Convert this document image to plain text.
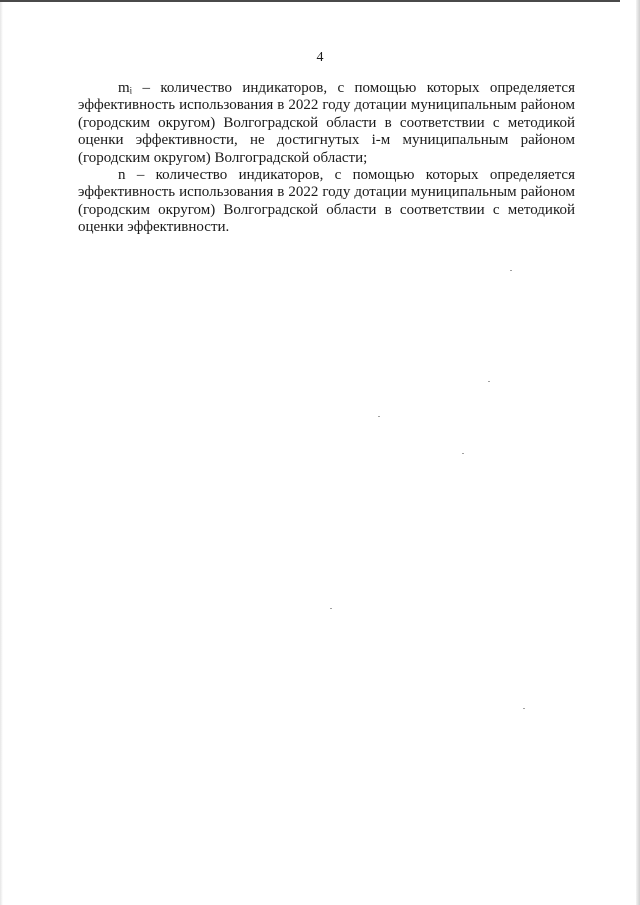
4

mᵢ – количество индикаторов, с помощью которых определяется эффективность использования в 2022 году дотации муниципальным районом (городским округом) Волгоградской области в соответствии с методикой оценки эффективности, не достигнутых i-м муниципальным районом (городским округом) Волгоградской области;

n – количество индикаторов, с помощью которых определяется эффективность использования в 2022 году дотации муниципальным районом (городским округом) Волгоградской области в соответствии с методикой оценки эффективности.
